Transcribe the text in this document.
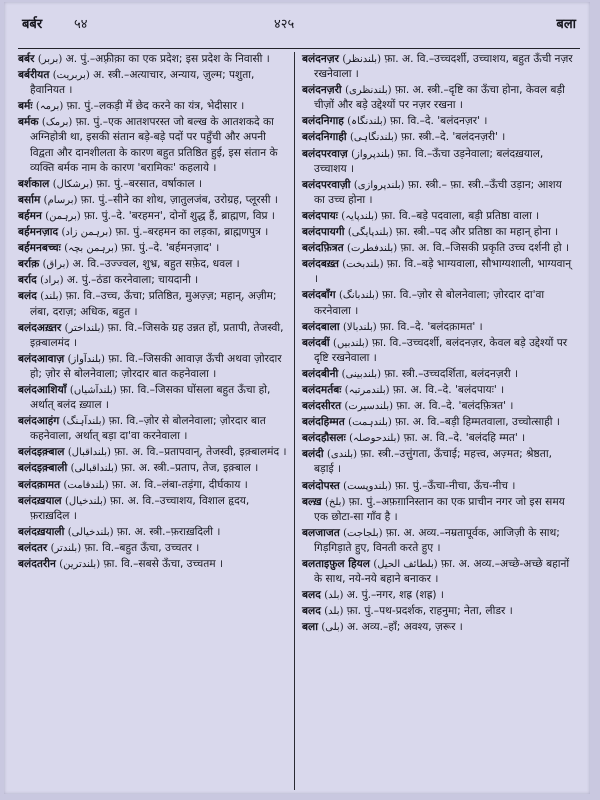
बर्बर ५४	४२५	बला

बर्बर (بربر) अ. पुं.–अफ़्रीक़ा का एक प्रदेश; इस प्रदेश के निवासी ।

बर्बरीयत (بربریت) अ. स्त्री.–अत्याचार, अन्याय, ज़ुल्म; पशुता, हैवानियत ।

बर्मः (برمہ) फ़ा. पुं.–लकड़ी में छेद करने का यंत्र, भेदीसार ।

बर्मक (برمک) फ़ा. पुं.–एक आतशपरस्त जो बल्ख के आतशकदे का अग्निहोत्री था, इसकी संतान बड़े-बड़े पदों पर पहुँची और अपनी विद्वता और दानशीलता के कारण बहुत प्रतिष्ठित हुई, इस संतान के व्यक्ति बर्मक नाम के कारण 'बरामिकः' कहलाये ।

बर्शकाल (برشکال) फ़ा. पुं.–बरसात, वर्षाकाल ।

बर्साम (برسام) फ़ा. पुं.–सीने का शोथ, ज़ातुलजंब, उरोग्रह, प्लूरसी ।

बर्हमन (برہمن) फ़ा. पुं.–दे. 'बरहमन', दोनों शुद्ध हैं, ब्राह्मण, विप्र ।

बर्हमनज़ाद (برہمن زاد) फ़ा. पुं.–बरहमन का लड़का, ब्राह्मणपुत्र ।

बर्हमनबच्चः (برہمن بچہ) फ़ा. पुं.–दे. 'बर्हमनज़ाद' ।

बर्राक़ (براق) अ. वि.–उज्ज्वल, शुभ्र, बहुत सफ़ेद, धवल ।

बर्राद (براد) अ. पुं.–ठंडा करनेवाला; चायदानी ।

बलंद (بلند) फ़ा. वि.–उच्च, ऊँचा; प्रतिष्ठित, मुअज़्ज़; महान्, अज़ीम; लंबा, दराज़; अधिक, बहुत ।

बलंदअख़्तर (بلنداختر) फ़ा. वि.–जिसके ग्रह उन्नत हों, प्रतापी, तेजस्वी, इक़्बालमंद ।

बलंदआवाज़ (بلندآواز) फ़ा. वि.–जिसकी आवाज़ ऊँची अथवा ज़ोरदार हो; ज़ोर से बोलनेवाला; ज़ोरदार बात कहनेवाला ।

बलंदआशियाँ (بلندآشیاں) फ़ा. वि.–जिसका घोंसला बहुत ऊँचा हो, अर्थात् बलंद ख़्याल ।

बलंदआहंग (بلندآہنگ) फ़ा. वि.–ज़ोर से बोलनेवाला; ज़ोरदार बात कहनेवाला, अर्थात् बड़ा दा'वा करनेवाला ।

बलंदइक़्बाल (بلنداقبال) फ़ा. अ. वि.–प्रतापवान्, तेजस्वी, इक़्बालमंद ।

बलंदइक़्बाली (بلنداقبالی) फ़ा. अ. स्त्री.–प्रताप, तेज, इक़्बाल ।

बलंदक़ामत (بلندقامت) फ़ा. अ. वि.–लंबा-तड़ंगा, दीर्घकाय ।

बलंदख़याल (بلندخیال) फ़ा. अ. वि.–उच्चाशय, विशाल हृदय, फ़राख़दिल ।

बलंदख़याली (بلندخیالی) फ़ा. अ. स्त्री.–फ़राख़दिली ।

बलंदतर (بلندتر) फ़ा. वि.–बहुत ऊँचा, उच्चतर ।

बलंदतरीन (بلندترین) फ़ा. वि.–सबसे ऊँचा, उच्चतम ।

बलंदनज़र (بلندنظر) फ़ा. अ. वि.–उच्चदर्शी, उच्चाशय, बहुत ऊँची नज़र रखनेवाला ।

बलंदनज़री (بلندنظری) फ़ा. अ. स्त्री.–दृष्टि का ऊँचा होना, केवल बड़ी चीज़ों और बड़े उद्देश्यों पर नज़र रखना ।

बलंदनिगाह (بلندنگاہ) फ़ा. वि.–दे. 'बलंदनज़र' ।

बलंदनिगाही (بلندنگاہی) फ़ा. स्त्री.–दे. 'बलंदनज़री' ।

बलंदपरवाज़ (بلندپرواز) फ़ा. वि.–ऊँचा उड़नेवाला; बलंदख़याल, उच्चाशय ।

बलंदपरवाज़ी (بلندپروازی) फ़ा. स्त्री.– फ़ा. स्त्री.–ऊँची उड़ान; आशय का उच्च होना ।

बलंदपायः (بلندپایہ) फ़ा. वि.–बड़े पदवाला, बड़ी प्रतिष्ठा वाला ।

बलंदपायगी (بلندپایگی) फ़ा. स्त्री.–पद और प्रतिष्ठा का महान् होना ।

बलंदफ़ित्रत (بلندفطرت) फ़ा. अ. वि.–जिसकी प्रकृति उच्च दर्शनी हो ।

बलंदबख़्त (بلندبخت) फ़ा. वि.–बड़े भाग्यवाला, सौभाग्यशाली, भाग्यवान् ।

बलंदबाँग (بلندبانگ) फ़ा. वि.–ज़ोर से बोलनेवाला; ज़ोरदार दा'वा करनेवाला ।

बलंदबाला (بلندبالا) फ़ा. वि.–दे. 'बलंदक़ामत' ।

बलंदबीं (بلندبیں) फ़ा. वि.–उच्चदर्शी, बलंदनज़र, केवल बड़े उद्देश्यों पर दृष्टि रखनेवाला ।

बलंदबीनी (بلندبینی) फ़ा. स्त्री.–उच्चदर्शिता, बलंदनज़री ।

बलंदमर्तबः (بلندمرتبہ) फ़ा. अ. वि.–दे. 'बलंदपायः' ।

बलंदसीरत (بلندسیرت) फ़ा. अ. वि.–दे. 'बलंदफ़ित्रत' ।

बलंदहिम्मत (بلندہمت) फ़ा. अ. वि.–बड़ी हिम्मतवाला, उच्चोत्साही ।

बलंदहौसलः (بلندحوصلہ) फ़ा. अ. वि.–दे. 'बलंदहि म्मत' ।

बलंदी (بلندی) फ़ा. स्त्री.–उत्तुंगता, ऊँचाई; महत्त्व, अज़्मत; श्रेष्ठता, बड़ाई ।

बलंदोपस्त (بلندوپست) फ़ा. पुं.–ऊँचा-नीचा, ऊँच-नीच ।

बल्ख़ (بلخ) फ़ा. पुं.–अफ़ग़ानिस्तान का एक प्राचीन नगर जो इस समय एक छोटा-सा गाँव है ।

बलजाजत (بلجاجت) फ़ा. अ. अव्य.–नम्रतापूर्वक, आजिज़ी के साथ; गिड़गिड़ाते हुए, विनती करते हुए ।

बलताइफ़ुल हियल (بلطائف الحیل) फ़ा. अ. अव्य.–अच्छे-अच्छे बहानों के साथ, नये-नये बहाने बनाकर ।

बलद (بلد) अ. पुं.–नगर, शह्र (शह्र) ।

बलद (بلد) फ़ा. पुं.–पथ-प्रदर्शक, राहनुमा; नेता, लीडर ।

बला (بلی) अ. अव्य.–हाँ; अवश्य, ज़रूर ।
